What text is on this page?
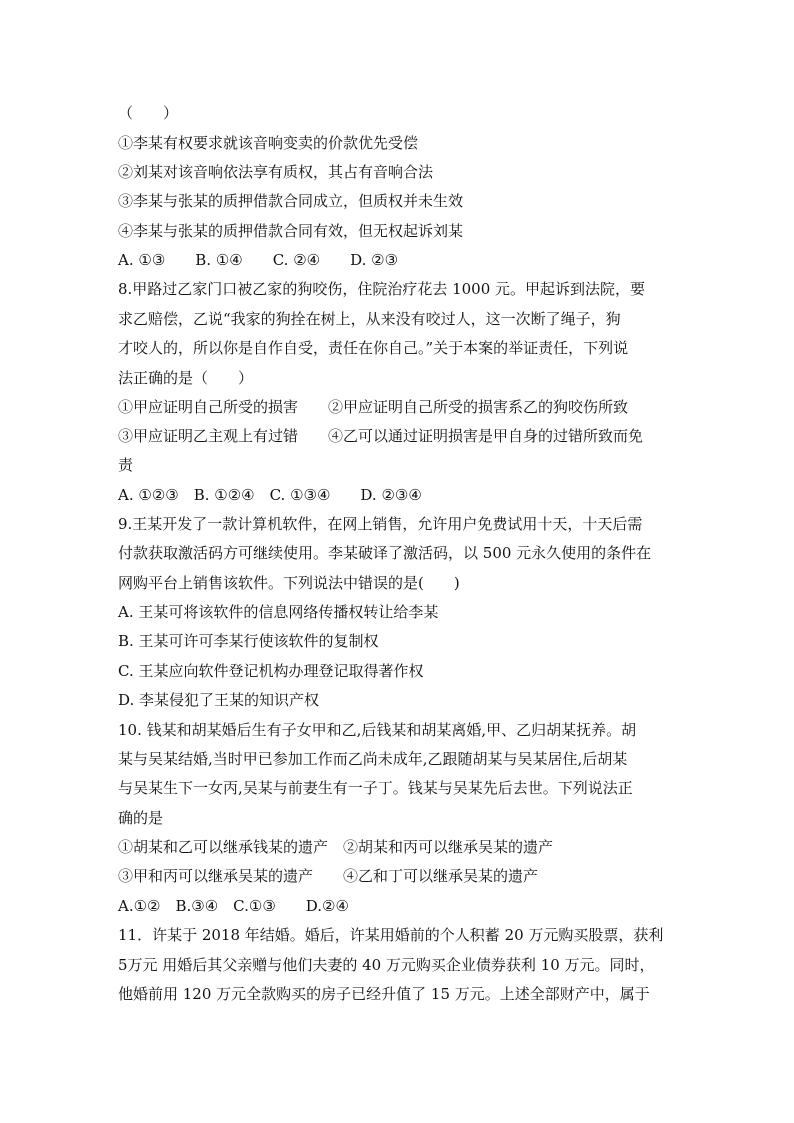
（　　）
①李某有权要求就该音响变卖的价款优先受偿
②刘某对该音响依法享有质权，其占有音响合法
③李某与张某的质押借款合同成立，但质权并未生效
④李某与张某的质押借款合同有效，但无权起诉刘某
A. ①③　　B. ①④　　C. ②④　　D. ②③
8.甲路过乙家门口被乙家的狗咬伤，住院治疗花去 1000 元。甲起诉到法院，要
求乙赔偿，乙说“我家的狗拴在树上，从来没有咬过人，这一次断了绳子，狗
才咬人的，所以你是自作自受，责任在你自己。”关于本案的举证责任，下列说
法正确的是（　　）
①甲应证明自己所受的损害　　②甲应证明自己所受的损害系乙的狗咬伤所致
③甲应证明乙主观上有过错　　④乙可以通过证明损害是甲自身的过错所致而免
责
A. ①②③　B. ①②④　C. ①③④　　D. ②③④
9.王某开发了一款计算机软件，在网上销售，允许用户免费试用十天，十天后需
付款获取激活码方可继续使用。李某破译了激活码，以 500 元永久使用的条件在
网购平台上销售该软件。下列说法中错误的是(　　)
A. 王某可将该软件的信息网络传播权转让给李某
B. 王某可许可李某行使该软件的复制权
C. 王某应向软件登记机构办理登记取得著作权
D. 李某侵犯了王某的知识产权
10. 钱某和胡某婚后生有子女甲和乙,后钱某和胡某离婚,甲、乙归胡某抚养。胡
某与吴某结婚,当时甲已参加工作而乙尚未成年,乙跟随胡某与吴某居住,后胡某
与吴某生下一女丙,吴某与前妻生有一子丁。钱某与吴某先后去世。下列说法正
确的是
①胡某和乙可以继承钱某的遗产　②胡某和丙可以继承吴某的遗产
③甲和丙可以继承吴某的遗产　　④乙和丁可以继承吴某的遗产
A.①②　B.③④　C.①③　　D.②④
11．许某于 2018 年结婚。婚后，许某用婚前的个人积蓄 20 万元购买股票，获利
5万元 用婚后其父亲赠与他们夫妻的 40 万元购买企业债券获利 10 万元。同时，
他婚前用 120 万元全款购买的房子已经升值了 15 万元。上述全部财产中，属于
